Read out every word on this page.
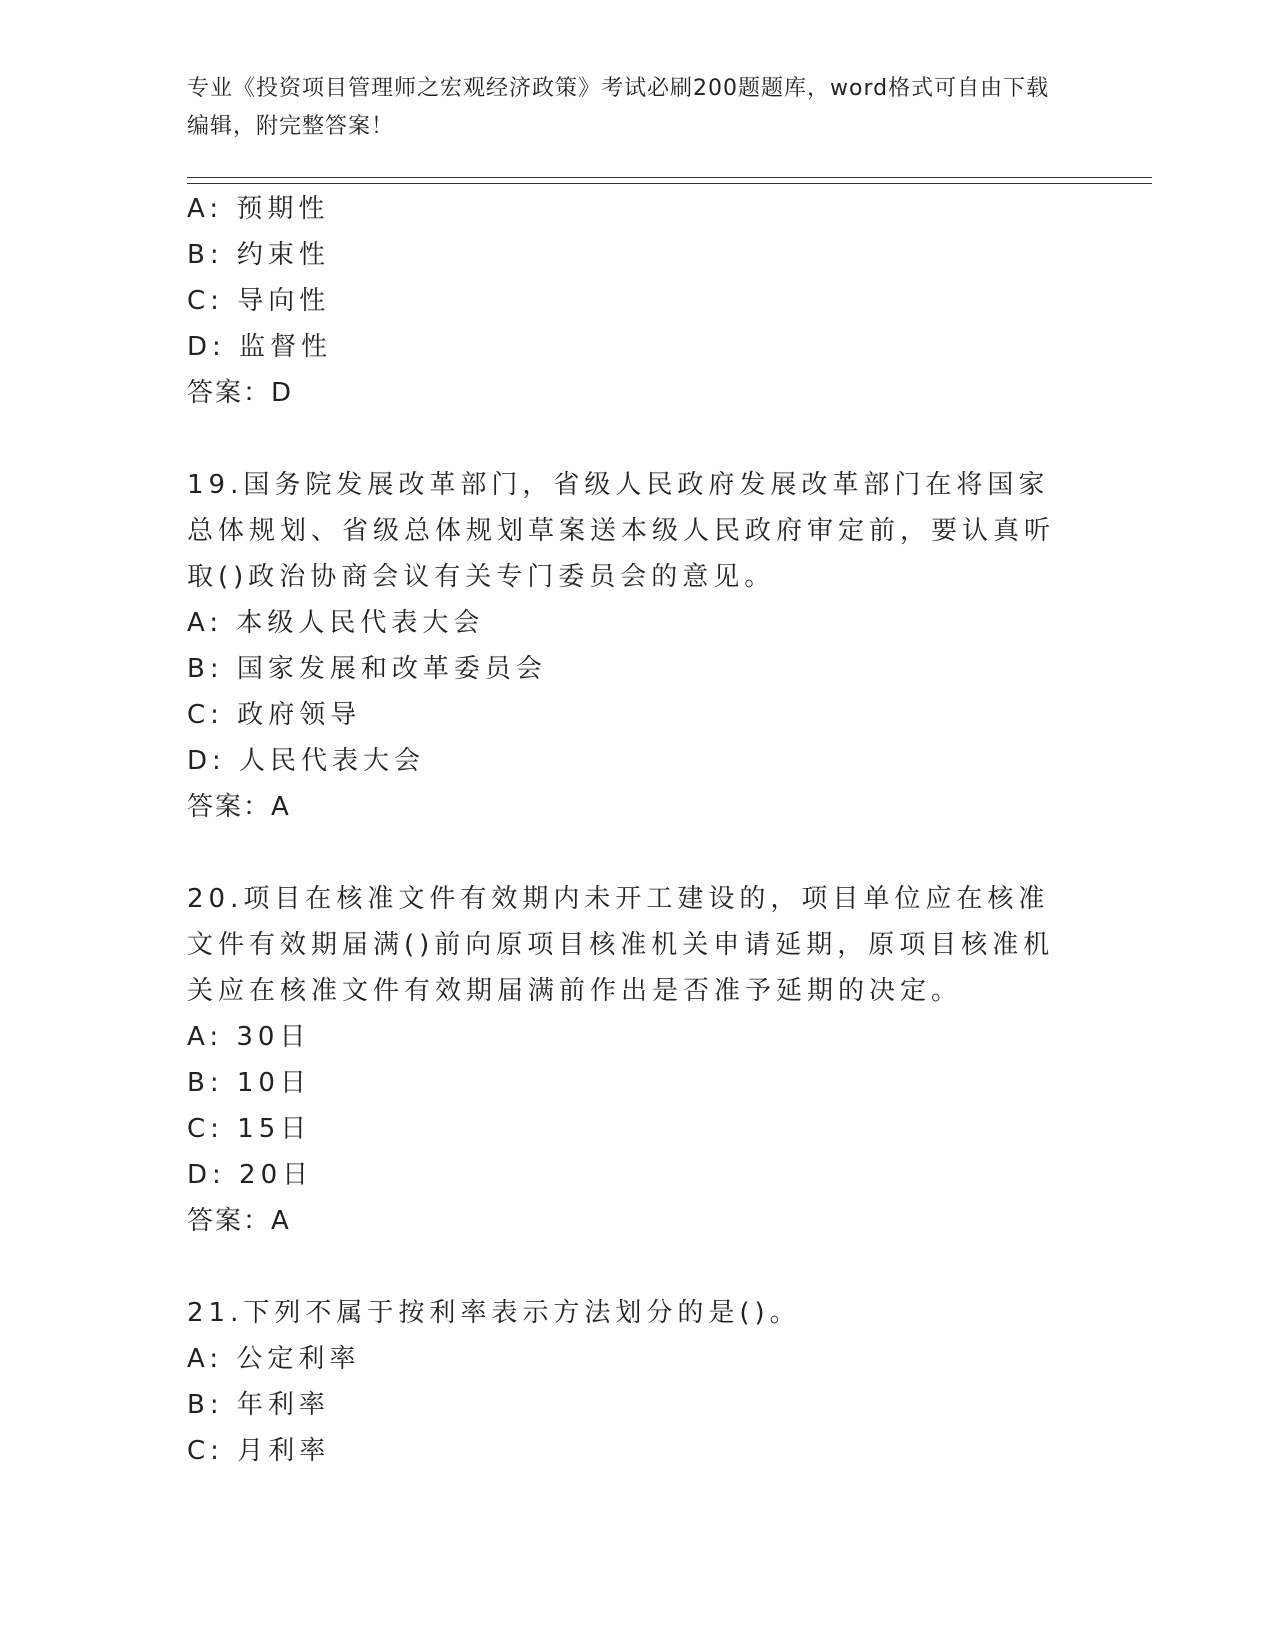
专业《投资项目管理师之宏观经济政策》考试必刷200题题库，word格式可自由下载编辑，附完整答案！
A: 预期性
B: 约束性
C: 导向性
D: 监督性
答案：D
19.国务院发展改革部门，省级人民政府发展改革部门在将国家总体规划、省级总体规划草案送本级人民政府审定前，要认真听取()政治协商会议有关专门委员会的意见。
A: 本级人民代表大会
B: 国家发展和改革委员会
C: 政府领导
D: 人民代表大会
答案：A
20.项目在核准文件有效期内未开工建设的，项目单位应在核准文件有效期届满()前向原项目核准机关申请延期，原项目核准机关应在核准文件有效期届满前作出是否准予延期的决定。
A: 30日
B: 10日
C: 15日
D: 20日
答案：A
21.下列不属于按利率表示方法划分的是()。
A: 公定利率
B: 年利率
C: 月利率
